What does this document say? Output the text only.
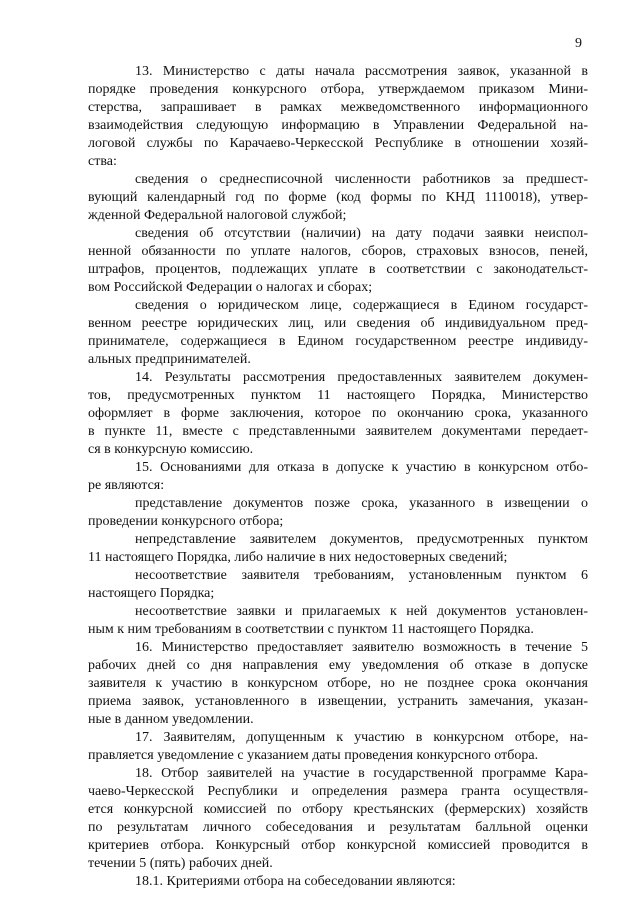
9
13. Министерство с даты начала рассмотрения заявок, указанной в
порядке проведения конкурсного отбора, утверждаемом приказом Мини-
стерства, запрашивает в рамках межведомственного информационного
взаимодействия следующую информацию в Управлении Федеральной на-
логовой службы по Карачаево-Черкесской Республике в отношении хозяй-
ства:
сведения о среднесписочной численности работников за предшест-
вующий календарный год по форме (код формы по КНД 1110018), утвер-
жденной Федеральной налоговой службой;
сведения об отсутствии (наличии) на дату подачи заявки неиспол-
ненной обязанности по уплате налогов, сборов, страховых взносов, пеней,
штрафов, процентов, подлежащих уплате в соответствии с законодательст-
вом Российской Федерации о налогах и сборах;
сведения о юридическом лице, содержащиеся в Едином государст-
венном реестре юридических лиц, или сведения об индивидуальном пред-
принимателе, содержащиеся в Едином государственном реестре индивиду-
альных предпринимателей.
14. Результаты рассмотрения предоставленных заявителем докумен-
тов, предусмотренных пунктом 11 настоящего Порядка, Министерство
оформляет в форме заключения, которое по окончанию срока, указанного
в пункте 11, вместе с представленными заявителем документами передает-
ся в конкурсную комиссию.
15. Основаниями для отказа в допуске к участию в конкурсном отбо-
ре являются:
представление документов позже срока, указанного в извещении о
проведении конкурсного отбора;
непредставление заявителем документов, предусмотренных пунктом
11 настоящего Порядка, либо наличие в них недостоверных сведений;
несоответствие заявителя требованиям, установленным пунктом 6
настоящего Порядка;
несоответствие заявки и прилагаемых к ней документов установлен-
ным к ним требованиям в соответствии с пунктом 11 настоящего Порядка.
16. Министерство предоставляет заявителю возможность в течение 5
рабочих дней со дня направления ему уведомления об отказе в допуске
заявителя к участию в конкурсном отборе, но не позднее срока окончания
приема заявок, установленного в извещении, устранить замечания, указан-
ные в данном уведомлении.
17. Заявителям, допущенным к участию в конкурсном отборе, на-
правляется уведомление с указанием даты проведения конкурсного отбора.
18. Отбор заявителей на участие в государственной программе Кара-
чаево-Черкесской Республики и определения размера гранта осуществля-
ется конкурсной комиссией по отбору крестьянских (фермерских) хозяйств
по результатам личного собеседования и результатам балльной оценки
критериев отбора. Конкурсный отбор конкурсной комиссией проводится в
течении 5 (пять) рабочих дней.
18.1. Критериями отбора на собеседовании являются:
